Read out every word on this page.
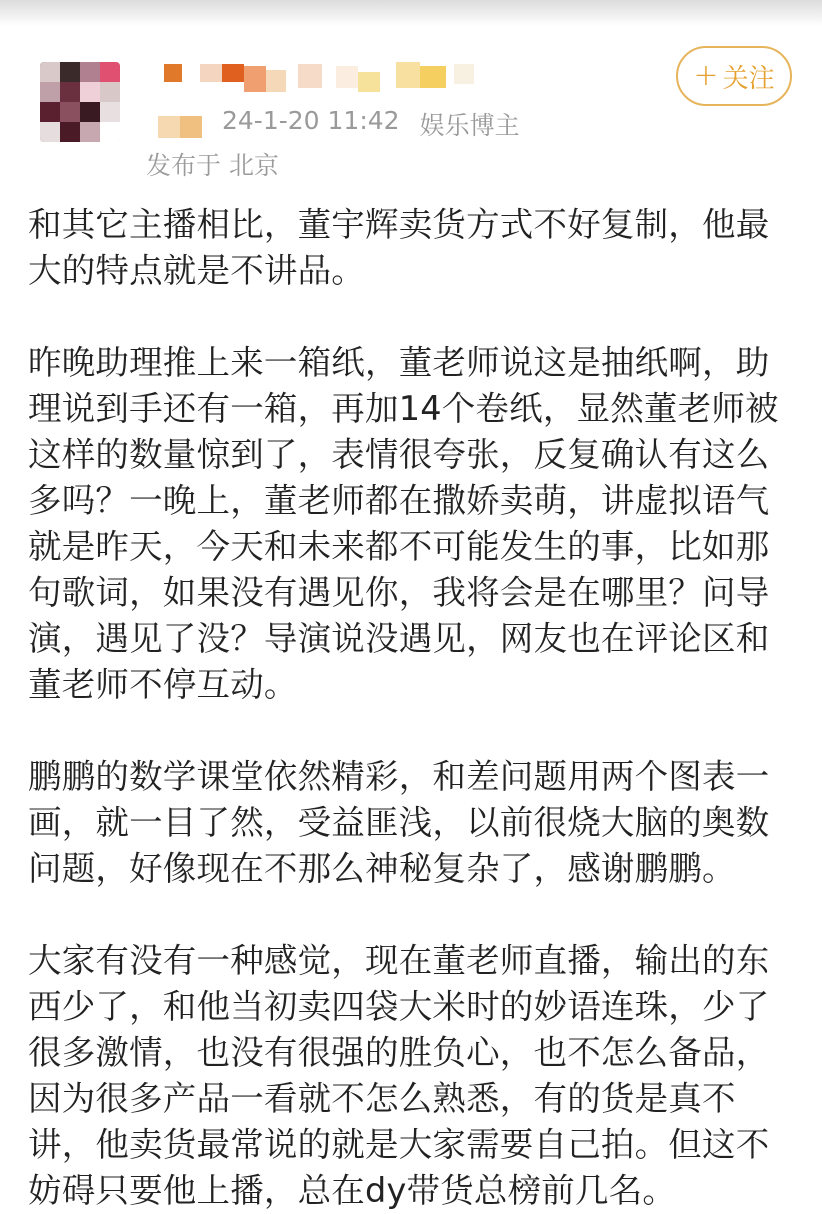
24-1-20 11:42 娱乐博主
发布于 北京
+ 关注

和其它主播相比，董宇辉卖货方式不好复制，他最
大的特点就是不讲品。

昨晚助理推上来一箱纸，董老师说这是抽纸啊，助
理说到手还有一箱，再加14个卷纸，显然董老师被
这样的数量惊到了，表情很夸张，反复确认有这么
多吗？一晚上，董老师都在撒娇卖萌，讲虚拟语气
就是昨天，今天和未来都不可能发生的事，比如那
句歌词，如果没有遇见你，我将会是在哪里？问导
演，遇见了没？导演说没遇见，网友也在评论区和
董老师不停互动。

鹏鹏的数学课堂依然精彩，和差问题用两个图表一
画，就一目了然，受益匪浅，以前很烧大脑的奥数
问题，好像现在不那么神秘复杂了，感谢鹏鹏。

大家有没有一种感觉，现在董老师直播，输出的东
西少了，和他当初卖四袋大米时的妙语连珠，少了
很多激情，也没有很强的胜负心，也不怎么备品，
因为很多产品一看就不怎么熟悉，有的货是真不
讲，他卖货最常说的就是大家需要自己拍。但这不
妨碍只要他上播，总在dy带货总榜前几名。
